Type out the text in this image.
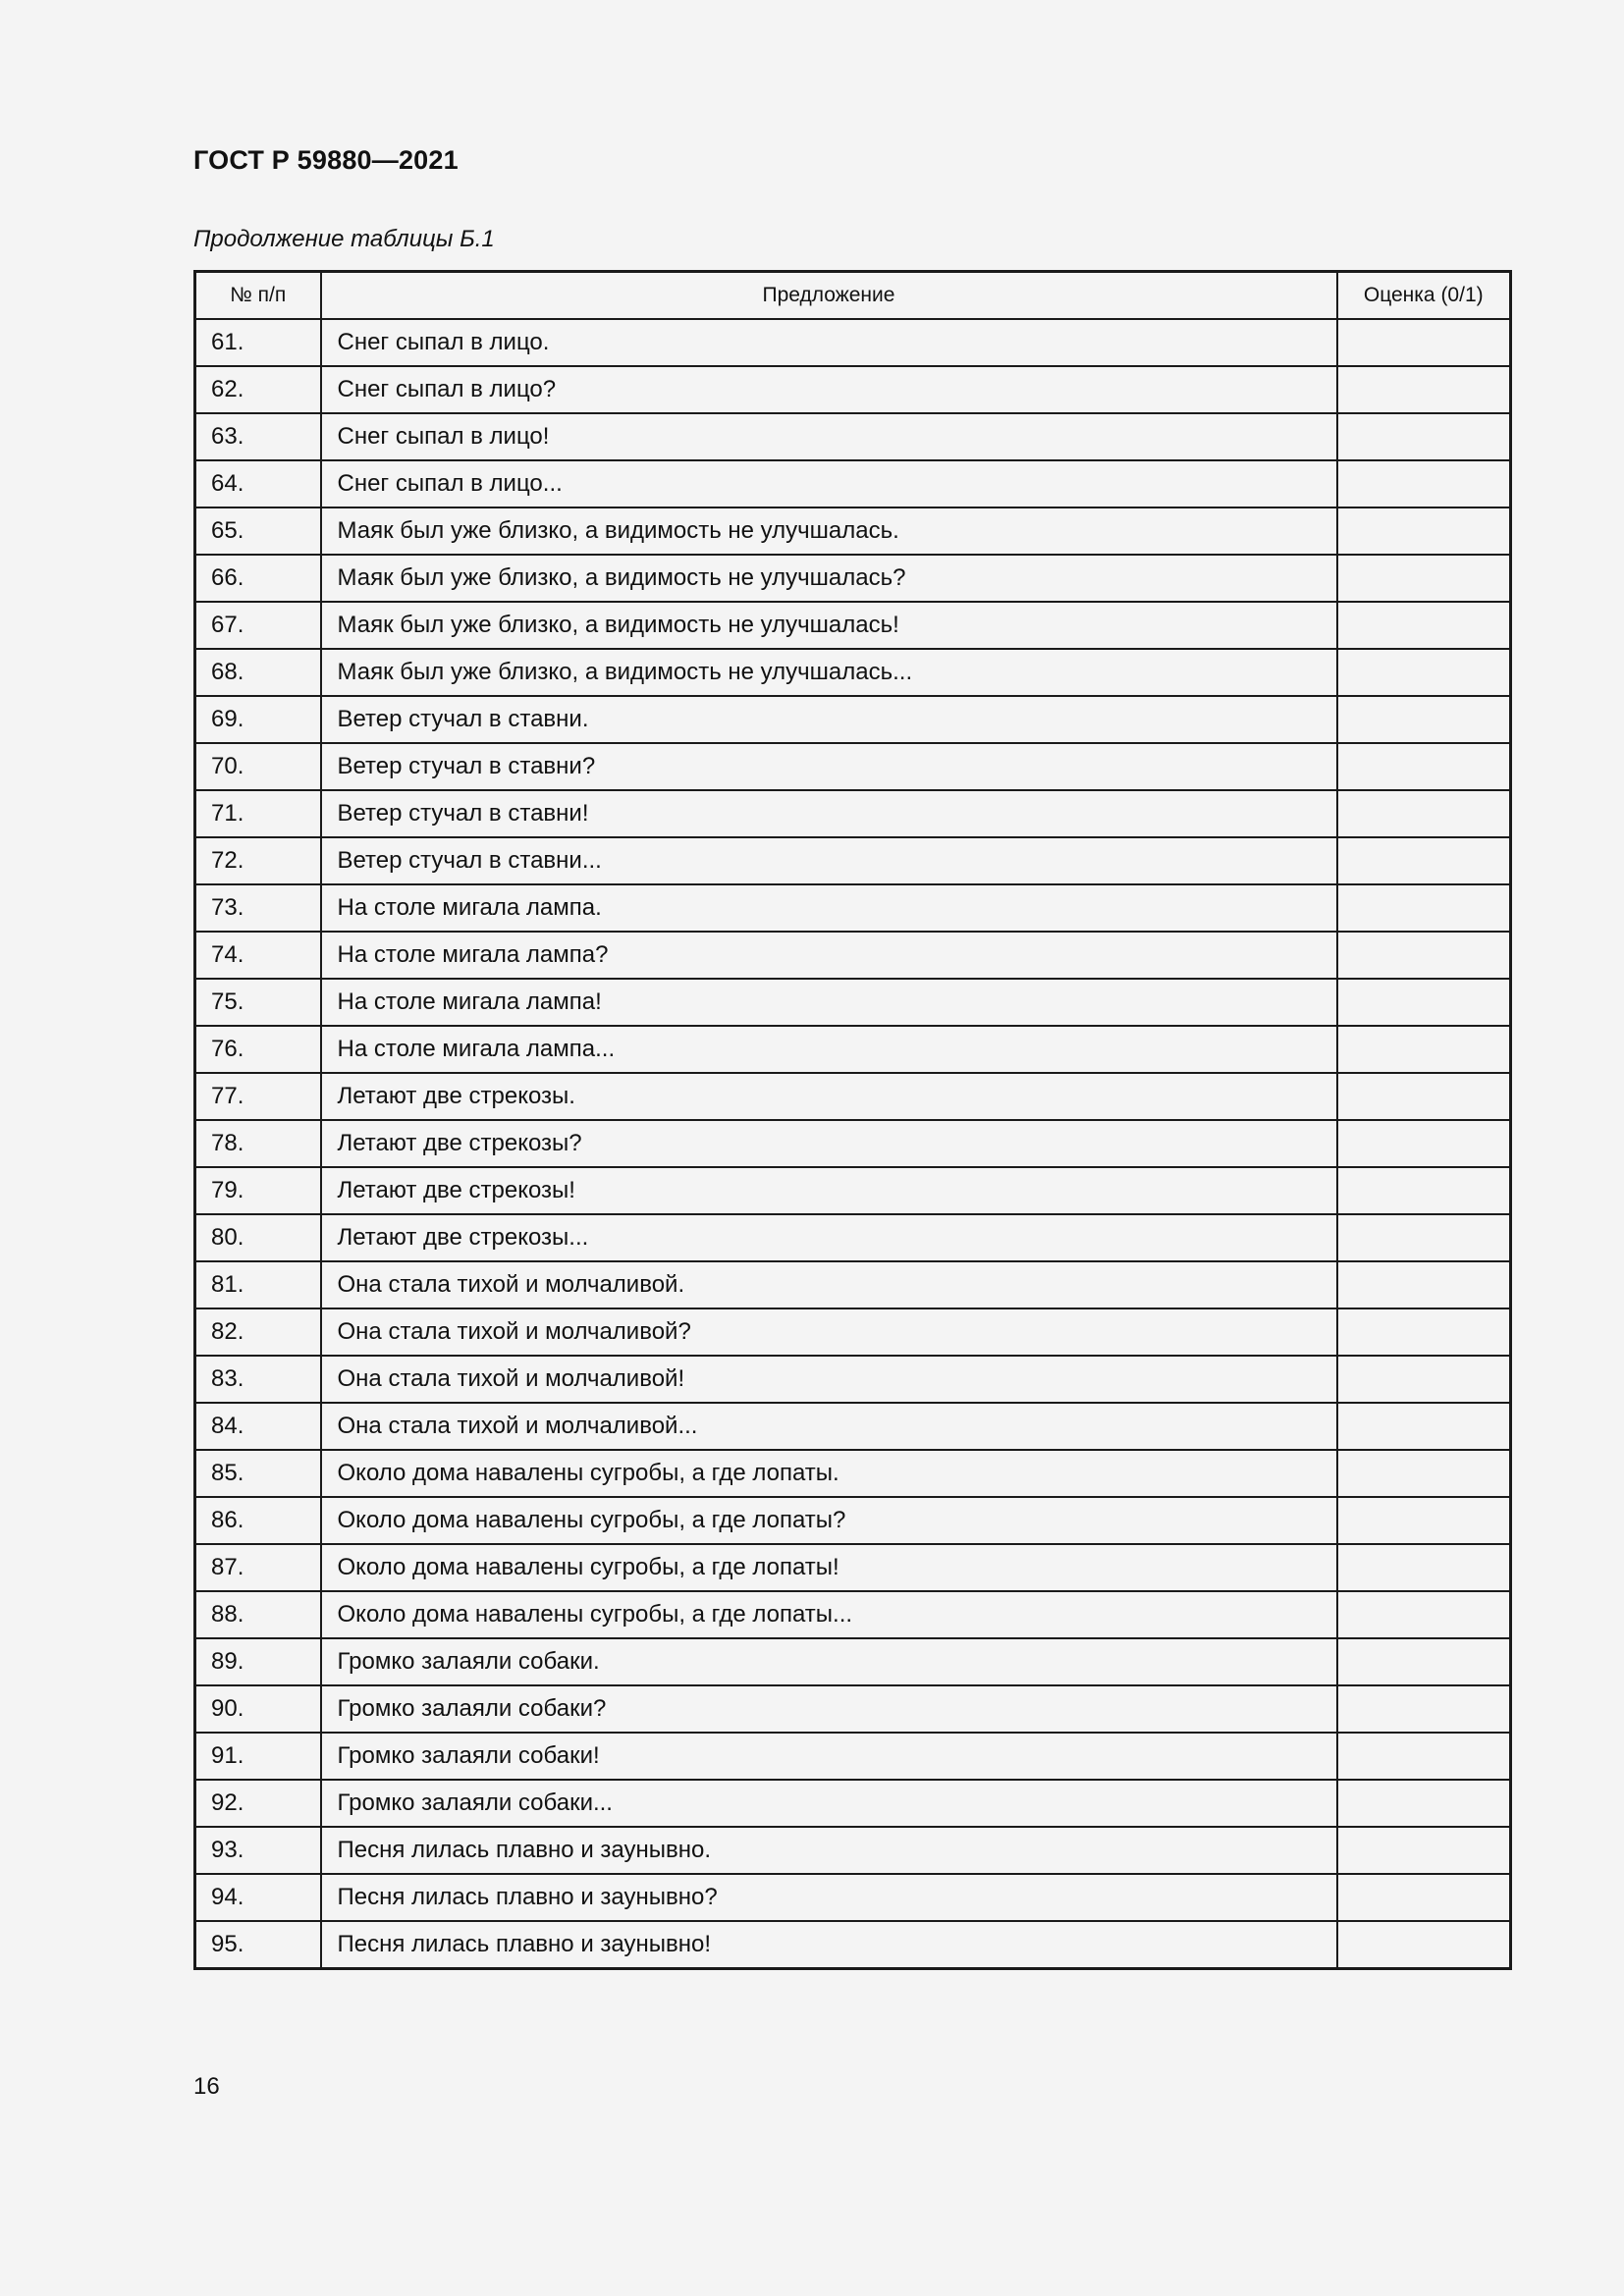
ГОСТ Р 59880—2021
Продолжение таблицы Б.1
№ п/п	Предложение	Оценка (0/1)
61.	Снег сыпал в лицо.	
62.	Снег сыпал в лицо?	
63.	Снег сыпал в лицо!	
64.	Снег сыпал в лицо...	
65.	Маяк был уже близко, а видимость не улучшалась.	
66.	Маяк был уже близко, а видимость не улучшалась?	
67.	Маяк был уже близко, а видимость не улучшалась!	
68.	Маяк был уже близко, а видимость не улучшалась...	
69.	Ветер стучал в ставни.	
70.	Ветер стучал в ставни?	
71.	Ветер стучал в ставни!	
72.	Ветер стучал в ставни...	
73.	На столе мигала лампа.	
74.	На столе мигала лампа?	
75.	На столе мигала лампа!	
76.	На столе мигала лампа...	
77.	Летают две стрекозы.	
78.	Летают две стрекозы?	
79.	Летают две стрекозы!	
80.	Летают две стрекозы...	
81.	Она стала тихой и молчаливой.	
82.	Она стала тихой и молчаливой?	
83.	Она стала тихой и молчаливой!	
84.	Она стала тихой и молчаливой...	
85.	Около дома навалены сугробы, а где лопаты.	
86.	Около дома навалены сугробы, а где лопаты?	
87.	Около дома навалены сугробы, а где лопаты!	
88.	Около дома навалены сугробы, а где лопаты...	
89.	Громко залаяли собаки.	
90.	Громко залаяли собаки?	
91.	Громко залаяли собаки!	
92.	Громко залаяли собаки...	
93.	Песня лилась плавно и заунывно.	
94.	Песня лилась плавно и заунывно?	
95.	Песня лилась плавно и заунывно!	
16
